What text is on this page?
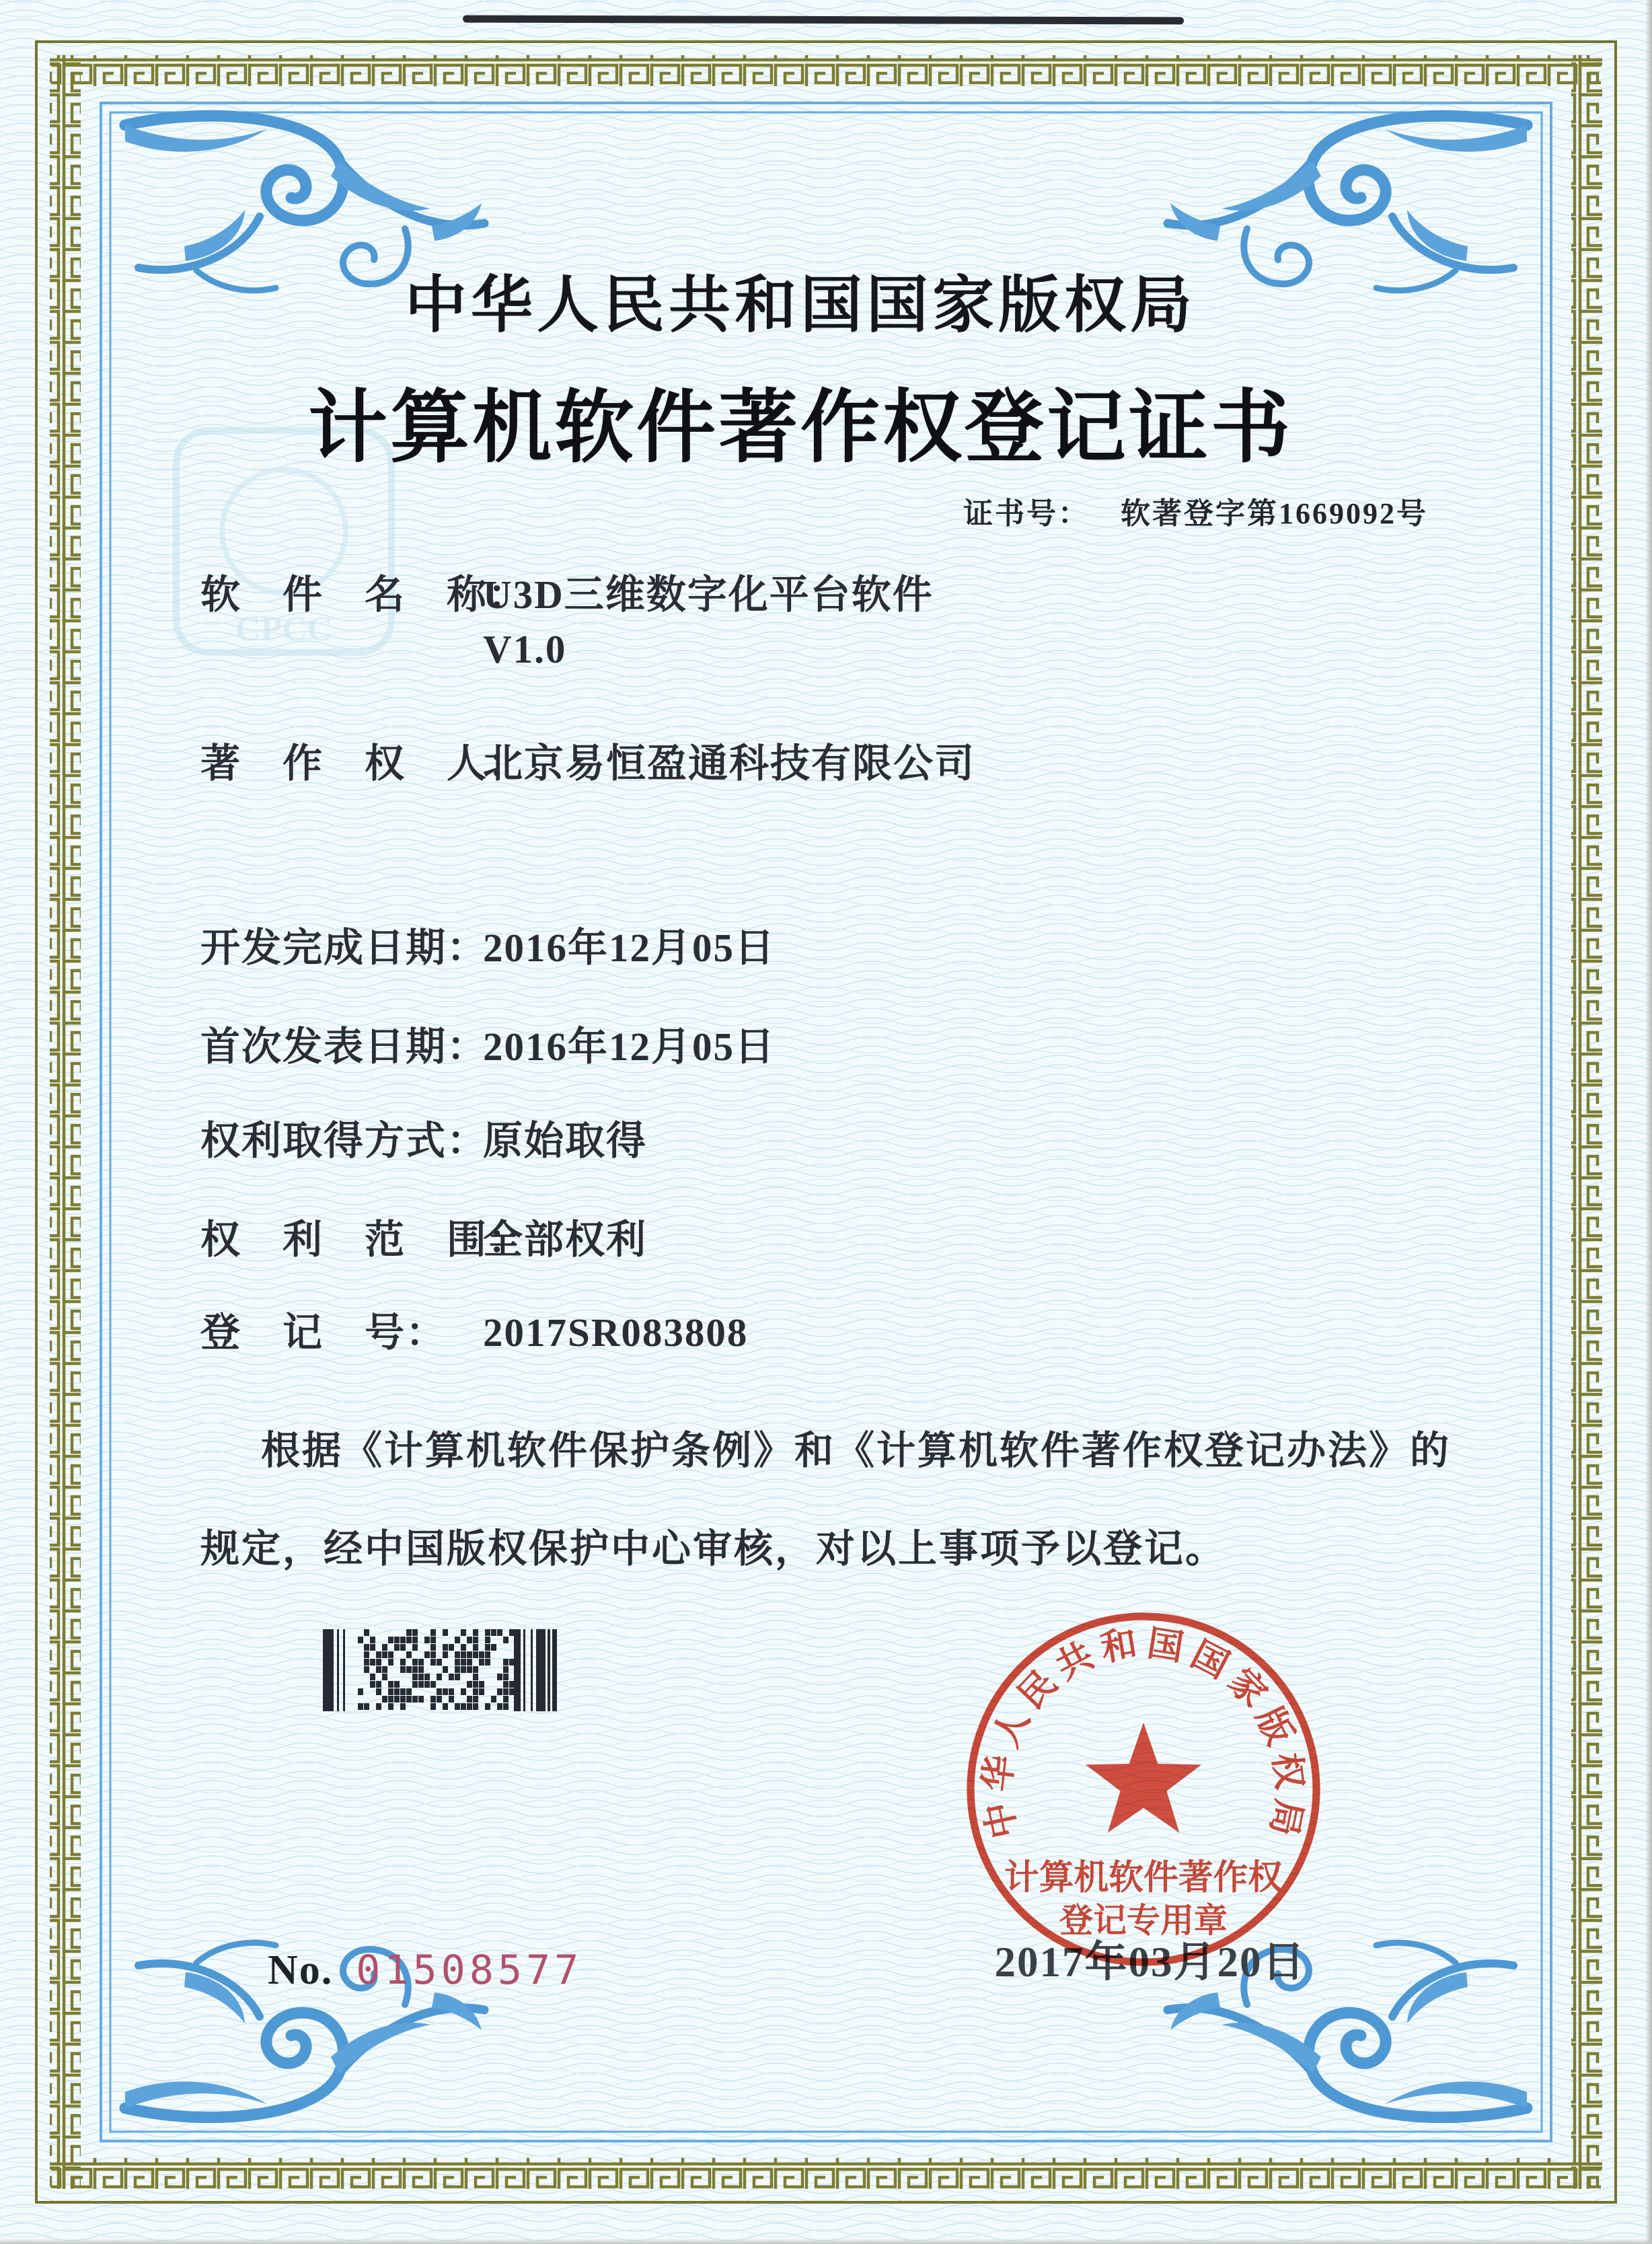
CPCC
中华人民共和国国家版权局
计算机软件著作权登记证书
证书号： 软著登字第1669092号
软　件　名　称：U3D三维数字化平台软件
V1.0
著　作　权　人：北京易恒盈通科技有限公司
开发完成日期：2016年12月05日
首次发表日期：2016年12月05日
权利取得方式：原始取得
权　利　范　围：全部权利
登　记　号： 2017SR083808
根据《计算机软件保护条例》和《计算机软件著作权登记办法》的
规定，经中国版权保护中心审核，对以上事项予以登记。
2017年03月20日
中华人民共和国国家版权局
计算机软件著作权
登记专用章
No. 01508577
